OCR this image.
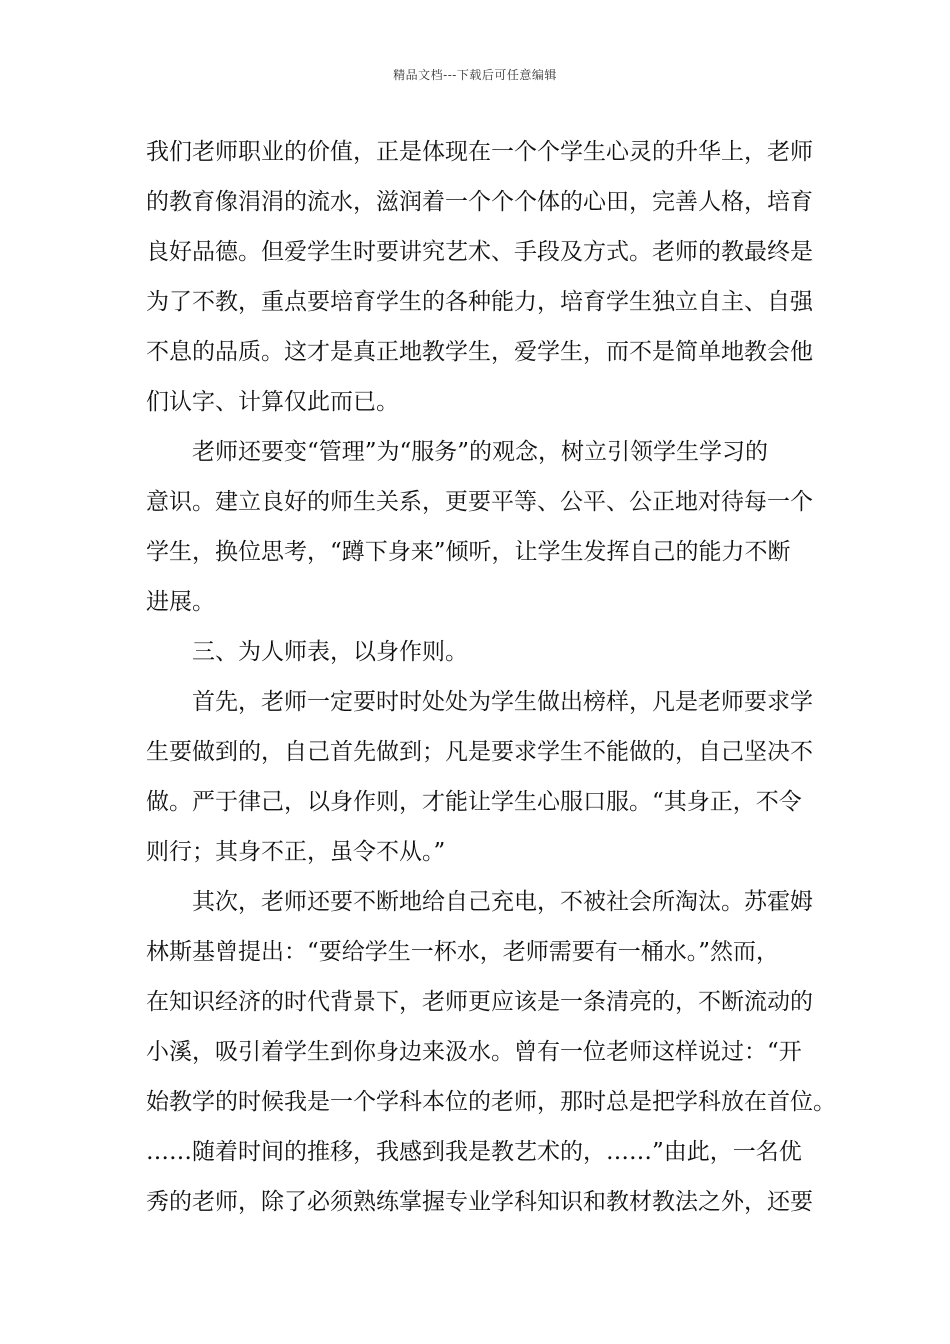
精品文档---下载后可任意编辑
我们老师职业的价值，正是体现在一个个学生心灵的升华上，老师
的教育像涓涓的流水，滋润着一个个个体的心田，完善人格，培育
良好品德。但爱学生时要讲究艺术、手段及方式。老师的教最终是
为了不教，重点要培育学生的各种能力，培育学生独立自主、自强
不息的品质。这才是真正地教学生，爱学生，而不是简单地教会他
们认字、计算仅此而已。
老师还要变“管理”为“服务”的观念，树立引领学生学习的
意识。建立良好的师生关系，更要平等、公平、公正地对待每一个
学生，换位思考，“蹲下身来”倾听，让学生发挥自己的能力不断
进展。
三、为人师表，以身作则。
首先，老师一定要时时处处为学生做出榜样，凡是老师要求学
生要做到的，自己首先做到；凡是要求学生不能做的，自己坚决不
做。严于律己，以身作则，才能让学生心服口服。“其身正，不令
则行；其身不正，虽令不从。”
其次，老师还要不断地给自己充电，不被社会所淘汰。苏霍姆
林斯基曾提出：“要给学生一杯水，老师需要有一桶水。”然而，
在知识经济的时代背景下，老师更应该是一条清亮的，不断流动的
小溪，吸引着学生到你身边来汲水。曾有一位老师这样说过：“开
始教学的时候我是一个学科本位的老师，那时总是把学科放在首位。
……随着时间的推移，我感到我是教艺术的，……”由此，一名优
秀的老师，除了必须熟练掌握专业学科知识和教材教法之外，还要
